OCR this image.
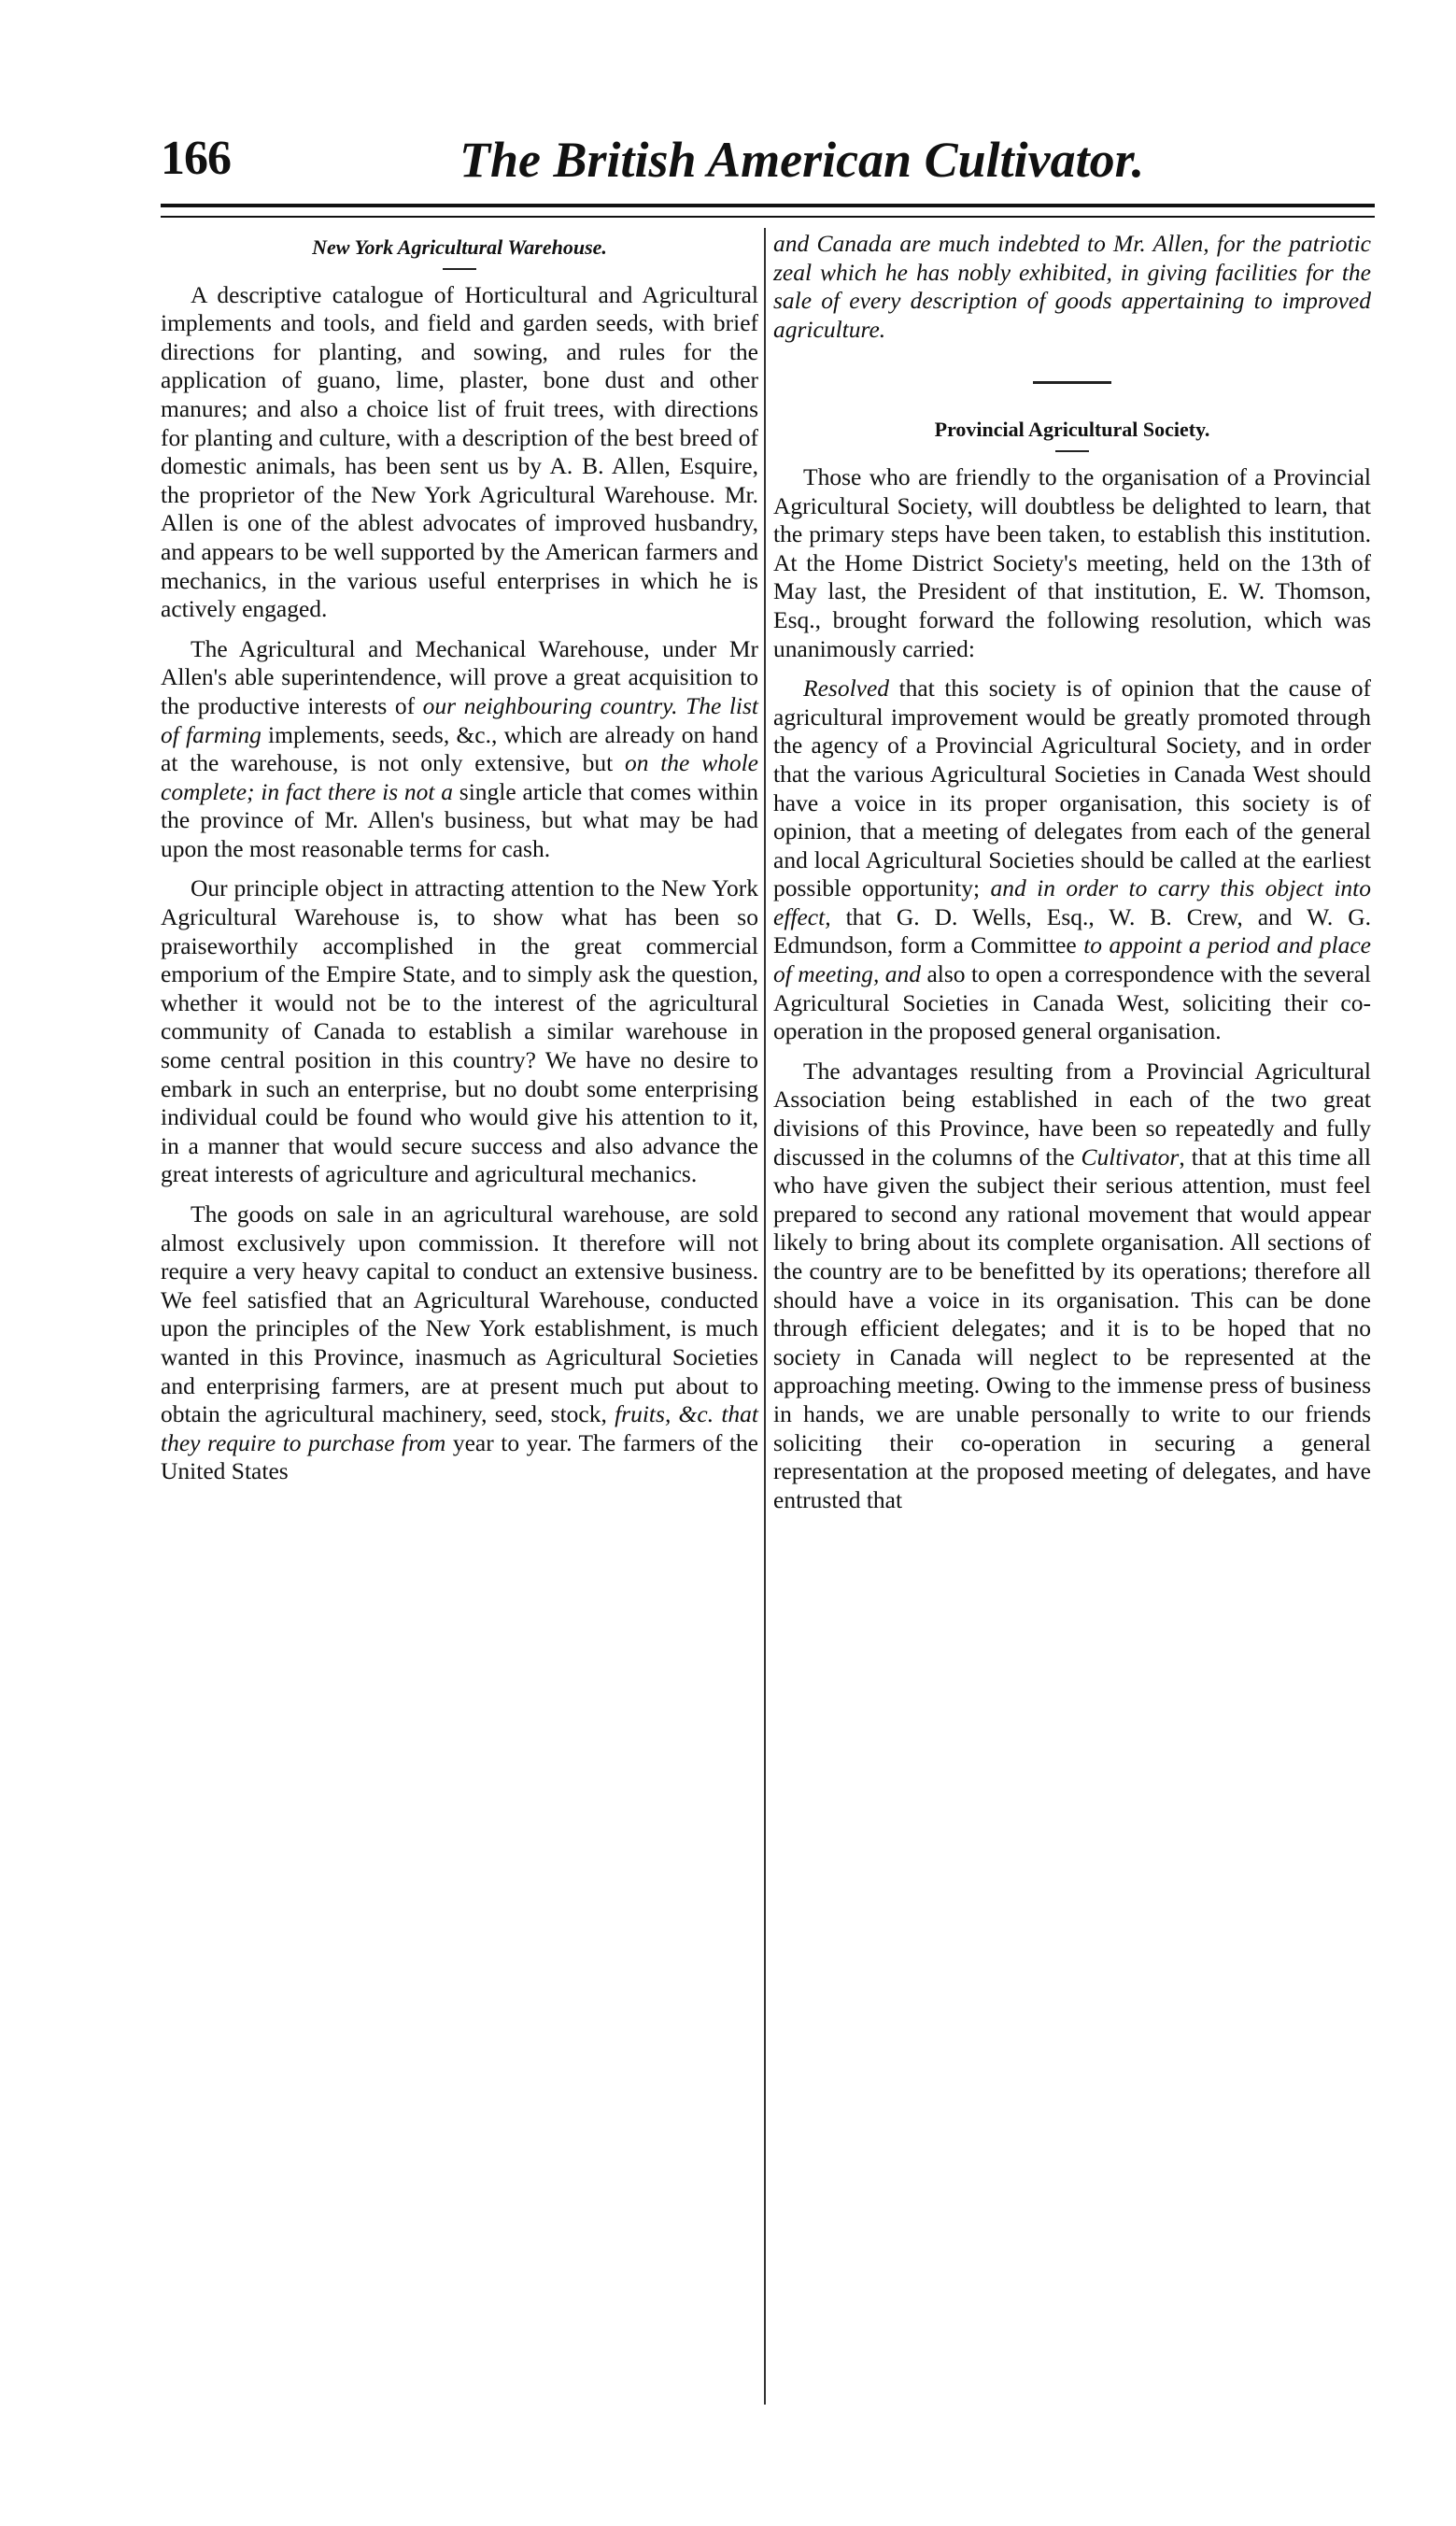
166	The British American Cultivator.
New York Agricultural Warehouse.

A descriptive catalogue of Horticultural and Agricultural implements and tools, and field and garden seeds, with brief directions for planting, and sowing, and rules for the application of guano, lime, plaster, bone dust and other manures; and also a choice list of fruit trees, with directions for planting and culture, with a description of the best breed of domestic animals, has been sent us by A. B. Allen, Esquire, the proprietor of the New York Agricultural Warehouse. Mr. Allen is one of the ablest advocates of improved husbandry, and appears to be well supported by the American farmers and mechanics, in the various useful enterprises in which he is actively engaged.

The Agricultural and Mechanical Warehouse, under Mr Allen's able superintendence, will prove a great acquisition to the productive interests of our neighbouring country. The list of farming implements, seeds, &c., which are already on hand at the warehouse, is not only extensive, but on the whole complete; in fact there is not a single article that comes within the province of Mr. Allen's business, but what may be had upon the most reasonable terms for cash.

Our principle object in attracting attention to the New York Agricultural Warehouse is, to show what has been so praiseworthily accomplished in the great commercial emporium of the Empire State, and to simply ask the question, whether it would not be to the interest of the agricultural community of Canada to establish a similar warehouse in some central position in this country? We have no desire to embark in such an enterprise, but no doubt some enterprising individual could be found who would give his attention to it, in a manner that would secure success and also advance the great interests of agriculture and agricultural mechanics.

The goods on sale in an agricultural warehouse, are sold almost exclusively upon commission. It therefore will not require a very heavy capital to conduct an extensive business. We feel satisfied that an Agricultural Warehouse, conducted upon the principles of the New York establishment, is much wanted in this Province, inasmuch as Agricultural Societies and enterprising farmers, are at present much put about to obtain the agricultural machinery, seed, stock, fruits, &c. that they require to purchase from year to year. The farmers of the United States

and Canada are much indebted to Mr. Allen, for the patriotic zeal which he has nobly exhibited, in giving facilities for the sale of every description of goods appertaining to improved agriculture.

Provincial Agricultural Society.

Those who are friendly to the organisation of a Provincial Agricultural Society, will doubtless be delighted to learn, that the primary steps have been taken, to establish this institution. At the Home District Society's meeting, held on the 13th of May last, the President of that institution, E. W. Thomson, Esq., brought forward the following resolution, which was unanimously carried:

Resolved that this society is of opinion that the cause of agricultural improvement would be greatly promoted through the agency of a Provincial Agricultural Society, and in order that the various Agricultural Societies in Canada West should have a voice in its proper organisation, this society is of opinion, that a meeting of delegates from each of the general and local Agricultural Societies should be called at the earliest possible opportunity; and in order to carry this object into effect, that G. D. Wells, Esq., W. B. Crew, and W. G. Edmundson, form a Committee to appoint a period and place of meeting, and also to open a correspondence with the several Agricultural Societies in Canada West, soliciting their co-operation in the proposed general organisation.

The advantages resulting from a Provincial Agricultural Association being established in each of the two great divisions of this Province, have been so repeatedly and fully discussed in the columns of the Cultivator, that at this time all who have given the subject their serious attention, must feel prepared to second any rational movement that would appear likely to bring about its complete organisation. All sections of the country are to be benefitted by its operations; therefore all should have a voice in its organisation. This can be done through efficient delegates; and it is to be hoped that no society in Canada will neglect to be represented at the approaching meeting. Owing to the immense press of business in hands, we are unable personally to write to our friends soliciting their co-operation in securing a general representation at the proposed meeting of delegates, and have entrusted that
